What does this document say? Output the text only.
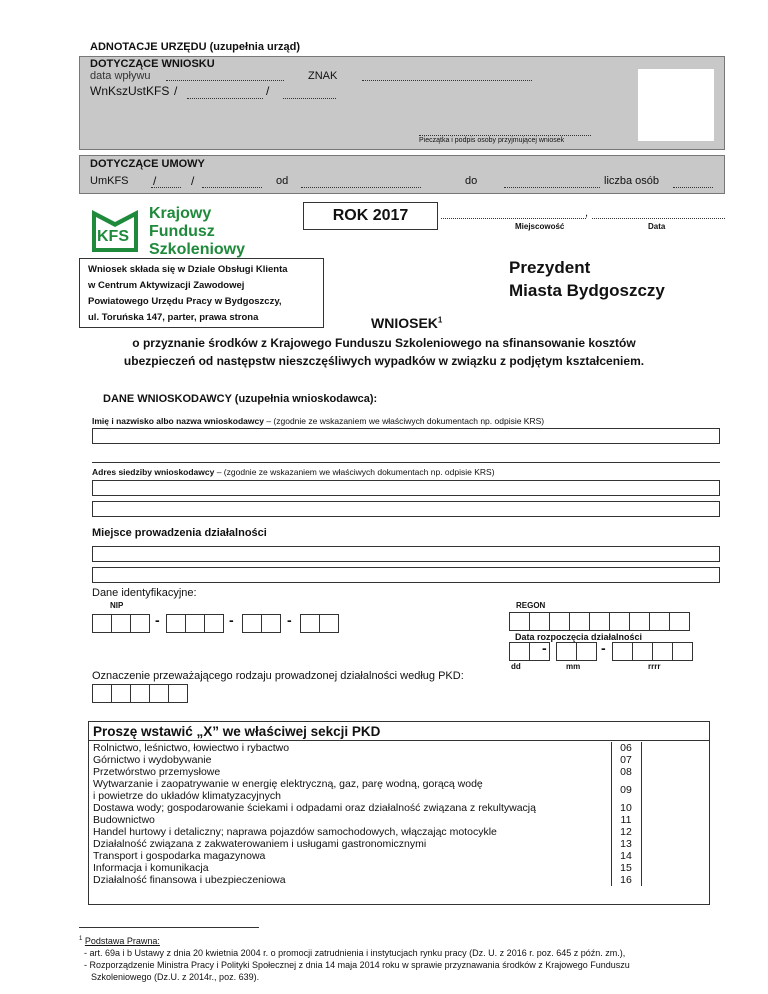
ADNOTACJE URZĘDU (uzupełnia urząd)
DOTYCZĄCE WNIOSKU
data wpływu	ZNAK
WnKszUstKFS /	/
Pieczątka i podpis osoby przyjmującej wniosek
DOTYCZĄCE UMOWY
UmKFS /	/	od	do	liczba osób
KFS
Krajowy
Fundusz
Szkoleniowy
ROK 2017	,
Miejscowość	Data
Wniosek składa się w Dziale Obsługi Klienta
w Centrum Aktywizacji Zawodowej
Powiatowego Urzędu Pracy w Bydgoszczy,
ul. Toruńska 147, parter, prawa strona
Prezydent
Miasta Bydgoszczy
WNIOSEK$^1$
o przyznanie środków z Krajowego Funduszu Szkoleniowego na sfinansowanie kosztów
ubezpieczeń od następstw nieszczęśliwych wypadków w związku z podjętym kształceniem.
DANE WNIOSKODAWCY (uzupełnia wnioskodawca):
Imię i nazwisko albo nazwa wnioskodawcy – (zgodnie ze wskazaniem we właściwych dokumentach np. odpisie KRS)
Adres siedziby wnioskodawcy – (zgodnie ze wskazaniem we właściwych dokumentach np. odpisie KRS)
Miejsce prowadzenia działalności
Dane identyfikacyjne:
NIP	REGON
-	-	-
Data rozpoczęcia działalności
-	-
dd	mm	rrrr
Oznaczenie przeważającego rodzaju prowadzonej działalności według PKD:
Proszę wstawić „X” we właściwej sekcji PKD
Rolnictwo, leśnictwo, łowiectwo i rybactwo	06	

Górnictwo i wydobywanie	07	

Przetwórstwo przemysłowe	08	

Wytwarzanie i zaopatrywanie w energię elektryczną, gaz, parę wodną, gorącą wodę
i powietrze do układów klimatyzacyjnych	09	

Dostawa wody; gospodarowanie ściekami i odpadami oraz działalność związana z rekultywacją	10	

Budownictwo	11	

Handel hurtowy i detaliczny; naprawa pojazdów samochodowych, włączając motocykle	12	

Działalność związana z zakwaterowaniem i usługami gastronomicznymi	13	

Transport i gospodarka magazynowa	14	

Informacja i komunikacja	15	

Działalność finansowa i ubezpieczeniowa	16	
$^1$ Podstawa Prawna:
- art. 69a i b Ustawy z dnia 20 kwietnia 2004 r. o promocji zatrudnienia i instytucjach rynku pracy (Dz. U. z 2016 r. poz. 645 z późn. zm.),
- Rozporządzenie Ministra Pracy i Polityki Społecznej z dnia 14 maja 2014 roku w sprawie przyznawania środków z Krajowego Funduszu
Szkoleniowego (Dz.U. z 2014r., poz. 639).
